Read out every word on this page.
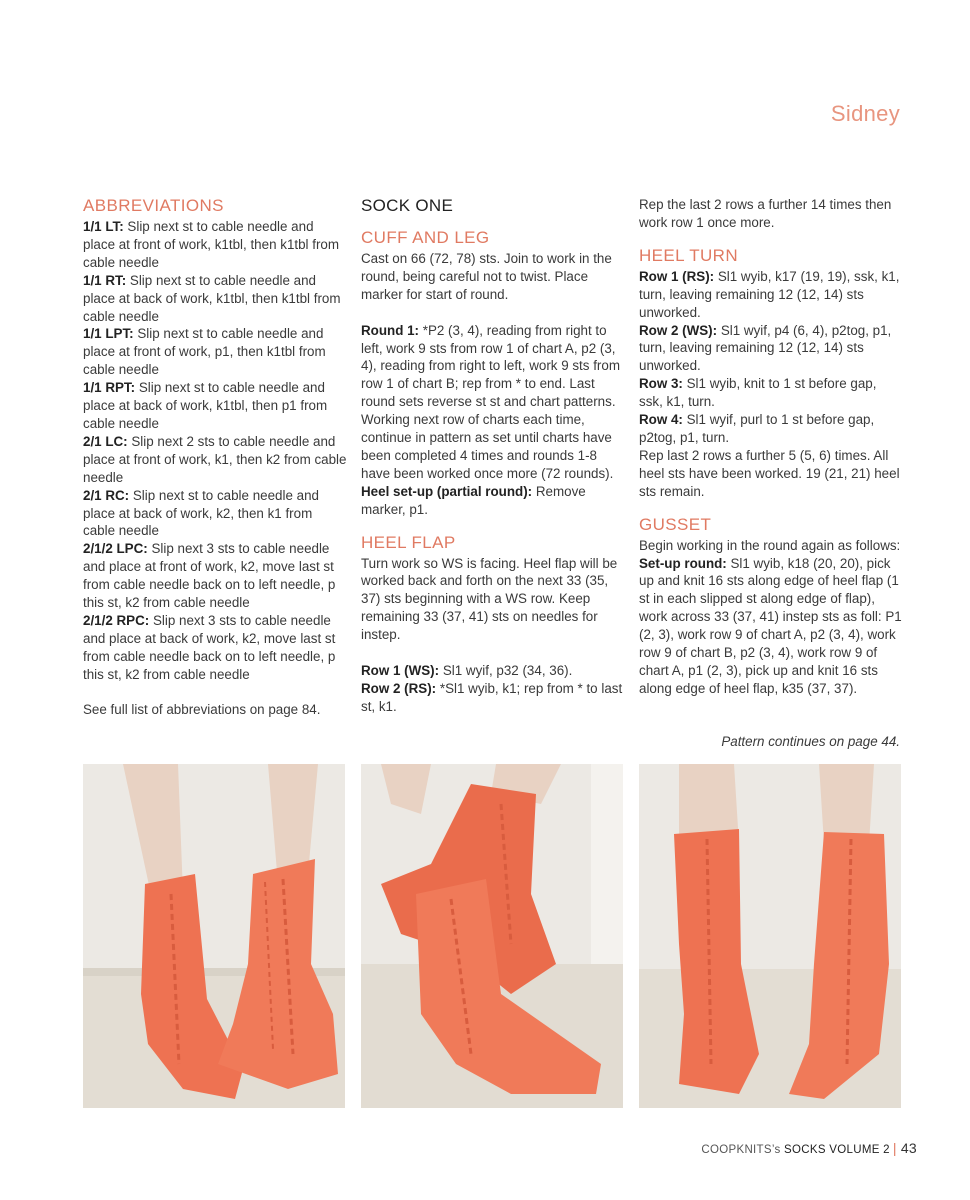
Sidney
ABBREVIATIONS

1/1 LT: Slip next st to cable needle and place at front of work, k1tbl, then k1tbl from cable needle

1/1 RT: Slip next st to cable needle and place at back of work, k1tbl, then k1tbl from cable needle

1/1 LPT: Slip next st to cable needle and place at front of work, p1, then k1tbl from cable needle

1/1 RPT: Slip next st to cable needle and place at back of work, k1tbl, then p1 from cable needle

2/1 LC: Slip next 2 sts to cable needle and place at front of work, k1, then k2 from cable needle

2/1 RC: Slip next st to cable needle and place at back of work, k2, then k1 from cable needle

2/1/2 LPC: Slip next 3 sts to cable needle and place at front of work, k2, move last st from cable needle back on to left needle, p this st, k2 from cable needle

2/1/2 RPC: Slip next 3 sts to cable needle and place at back of work, k2, move last st from cable needle back on to left needle, p this st, k2 from cable needle

See full list of abbreviations on page 84.

SOCK ONE
CUFF AND LEG

Cast on 66 (72, 78) sts. Join to work in the round, being careful not to twist. Place marker for start of round.

Round 1: *P2 (3, 4), reading from right to left, work 9 sts from row 1 of chart A, p2 (3, 4), reading from right to left, work 9 sts from row 1 of chart B; rep from * to end. Last round sets reverse st st and chart patterns. Working next row of charts each time, continue in pattern as set until charts have been completed 4 times and rounds 1-8 have been worked once more (72 rounds).

Heel set-up (partial round): Remove marker, p1.

HEEL FLAP

Turn work so WS is facing. Heel flap will be worked back and forth on the next 33 (35, 37) sts beginning with a WS row. Keep remaining 33 (37, 41) sts on needles for instep.

Row 1 (WS): Sl1 wyif, p32 (34, 36).

Row 2 (RS): *Sl1 wyib, k1; rep from * to last st, k1.

Rep the last 2 rows a further 14 times then work row 1 once more.

HEEL TURN

Row 1 (RS): Sl1 wyib, k17 (19, 19), ssk, k1, turn, leaving remaining 12 (12, 14) sts unworked.

Row 2 (WS): Sl1 wyif, p4 (6, 4), p2tog, p1, turn, leaving remaining 12 (12, 14) sts unworked.

Row 3: Sl1 wyib, knit to 1 st before gap, ssk, k1, turn.

Row 4: Sl1 wyif, purl to 1 st before gap, p2tog, p1, turn.

Rep last 2 rows a further 5 (5, 6) times. All heel sts have been worked. 19 (21, 21) heel sts remain.

GUSSET

Begin working in the round again as follows:

Set-up round: Sl1 wyib, k18 (20, 20), pick up and knit 16 sts along edge of heel flap (1 st in each slipped st along edge of flap), work across 33 (37, 41) instep sts as foll: P1 (2, 3), work row 9 of chart A, p2 (3, 4), work row 9 of chart B, p2 (3, 4), work row 9 of chart A, p1 (2, 3), pick up and knit 16 sts along edge of heel flap, k35 (37, 37).

Pattern continues on page 44.
COOPKNITS’s SOCKS VOLUME 2 | 43
